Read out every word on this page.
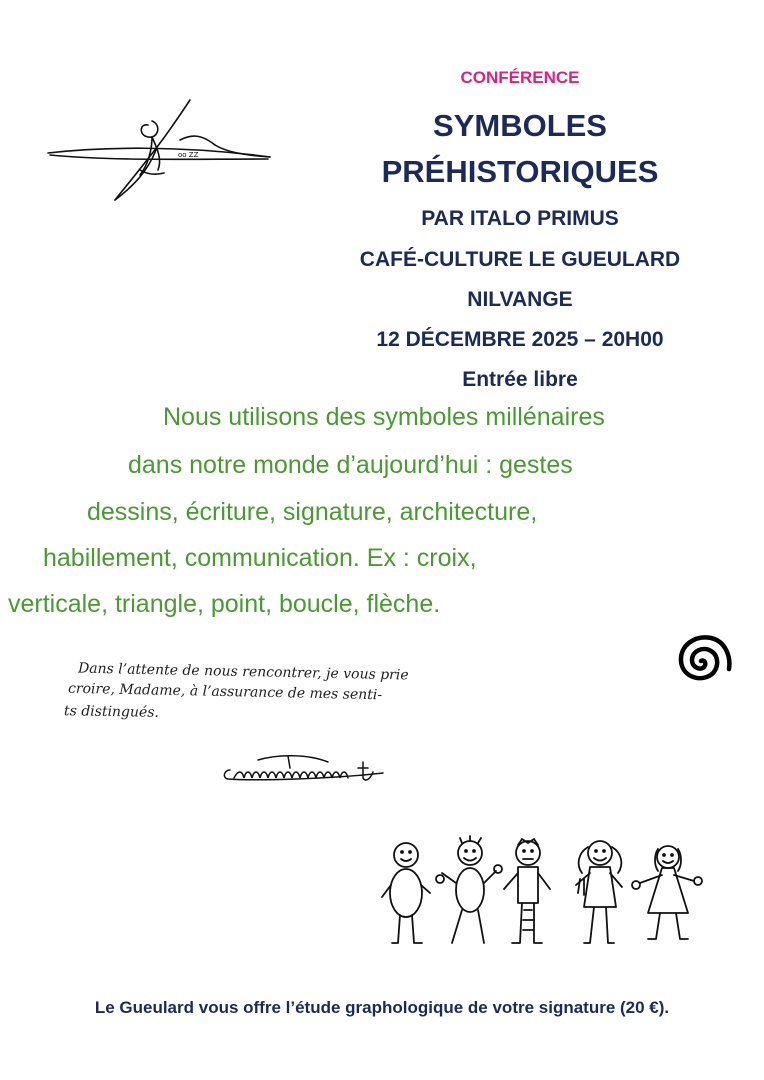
oo ZZ
CONFÉRENCE
SYMBOLES
PRÉHISTORIQUES
PAR ITALO PRIMUS
CAFÉ-CULTURE LE GUEULARD
NILVANGE
12 DÉCEMBRE 2025 – 20H00
Entrée libre
Nous utilisons des symboles millénaires
dans notre monde d’aujourd’hui : gestes
dessins, écriture, signature, architecture,
habillement, communication. Ex : croix,
verticale, triangle, point, boucle, flèche.
Dans l’attente de nous rencontrer, je vous prie
croire, Madame, à l’assurance de mes senti-
ts distingués.
Le Gueulard vous offre l’étude graphologique de votre signature (20 €).
